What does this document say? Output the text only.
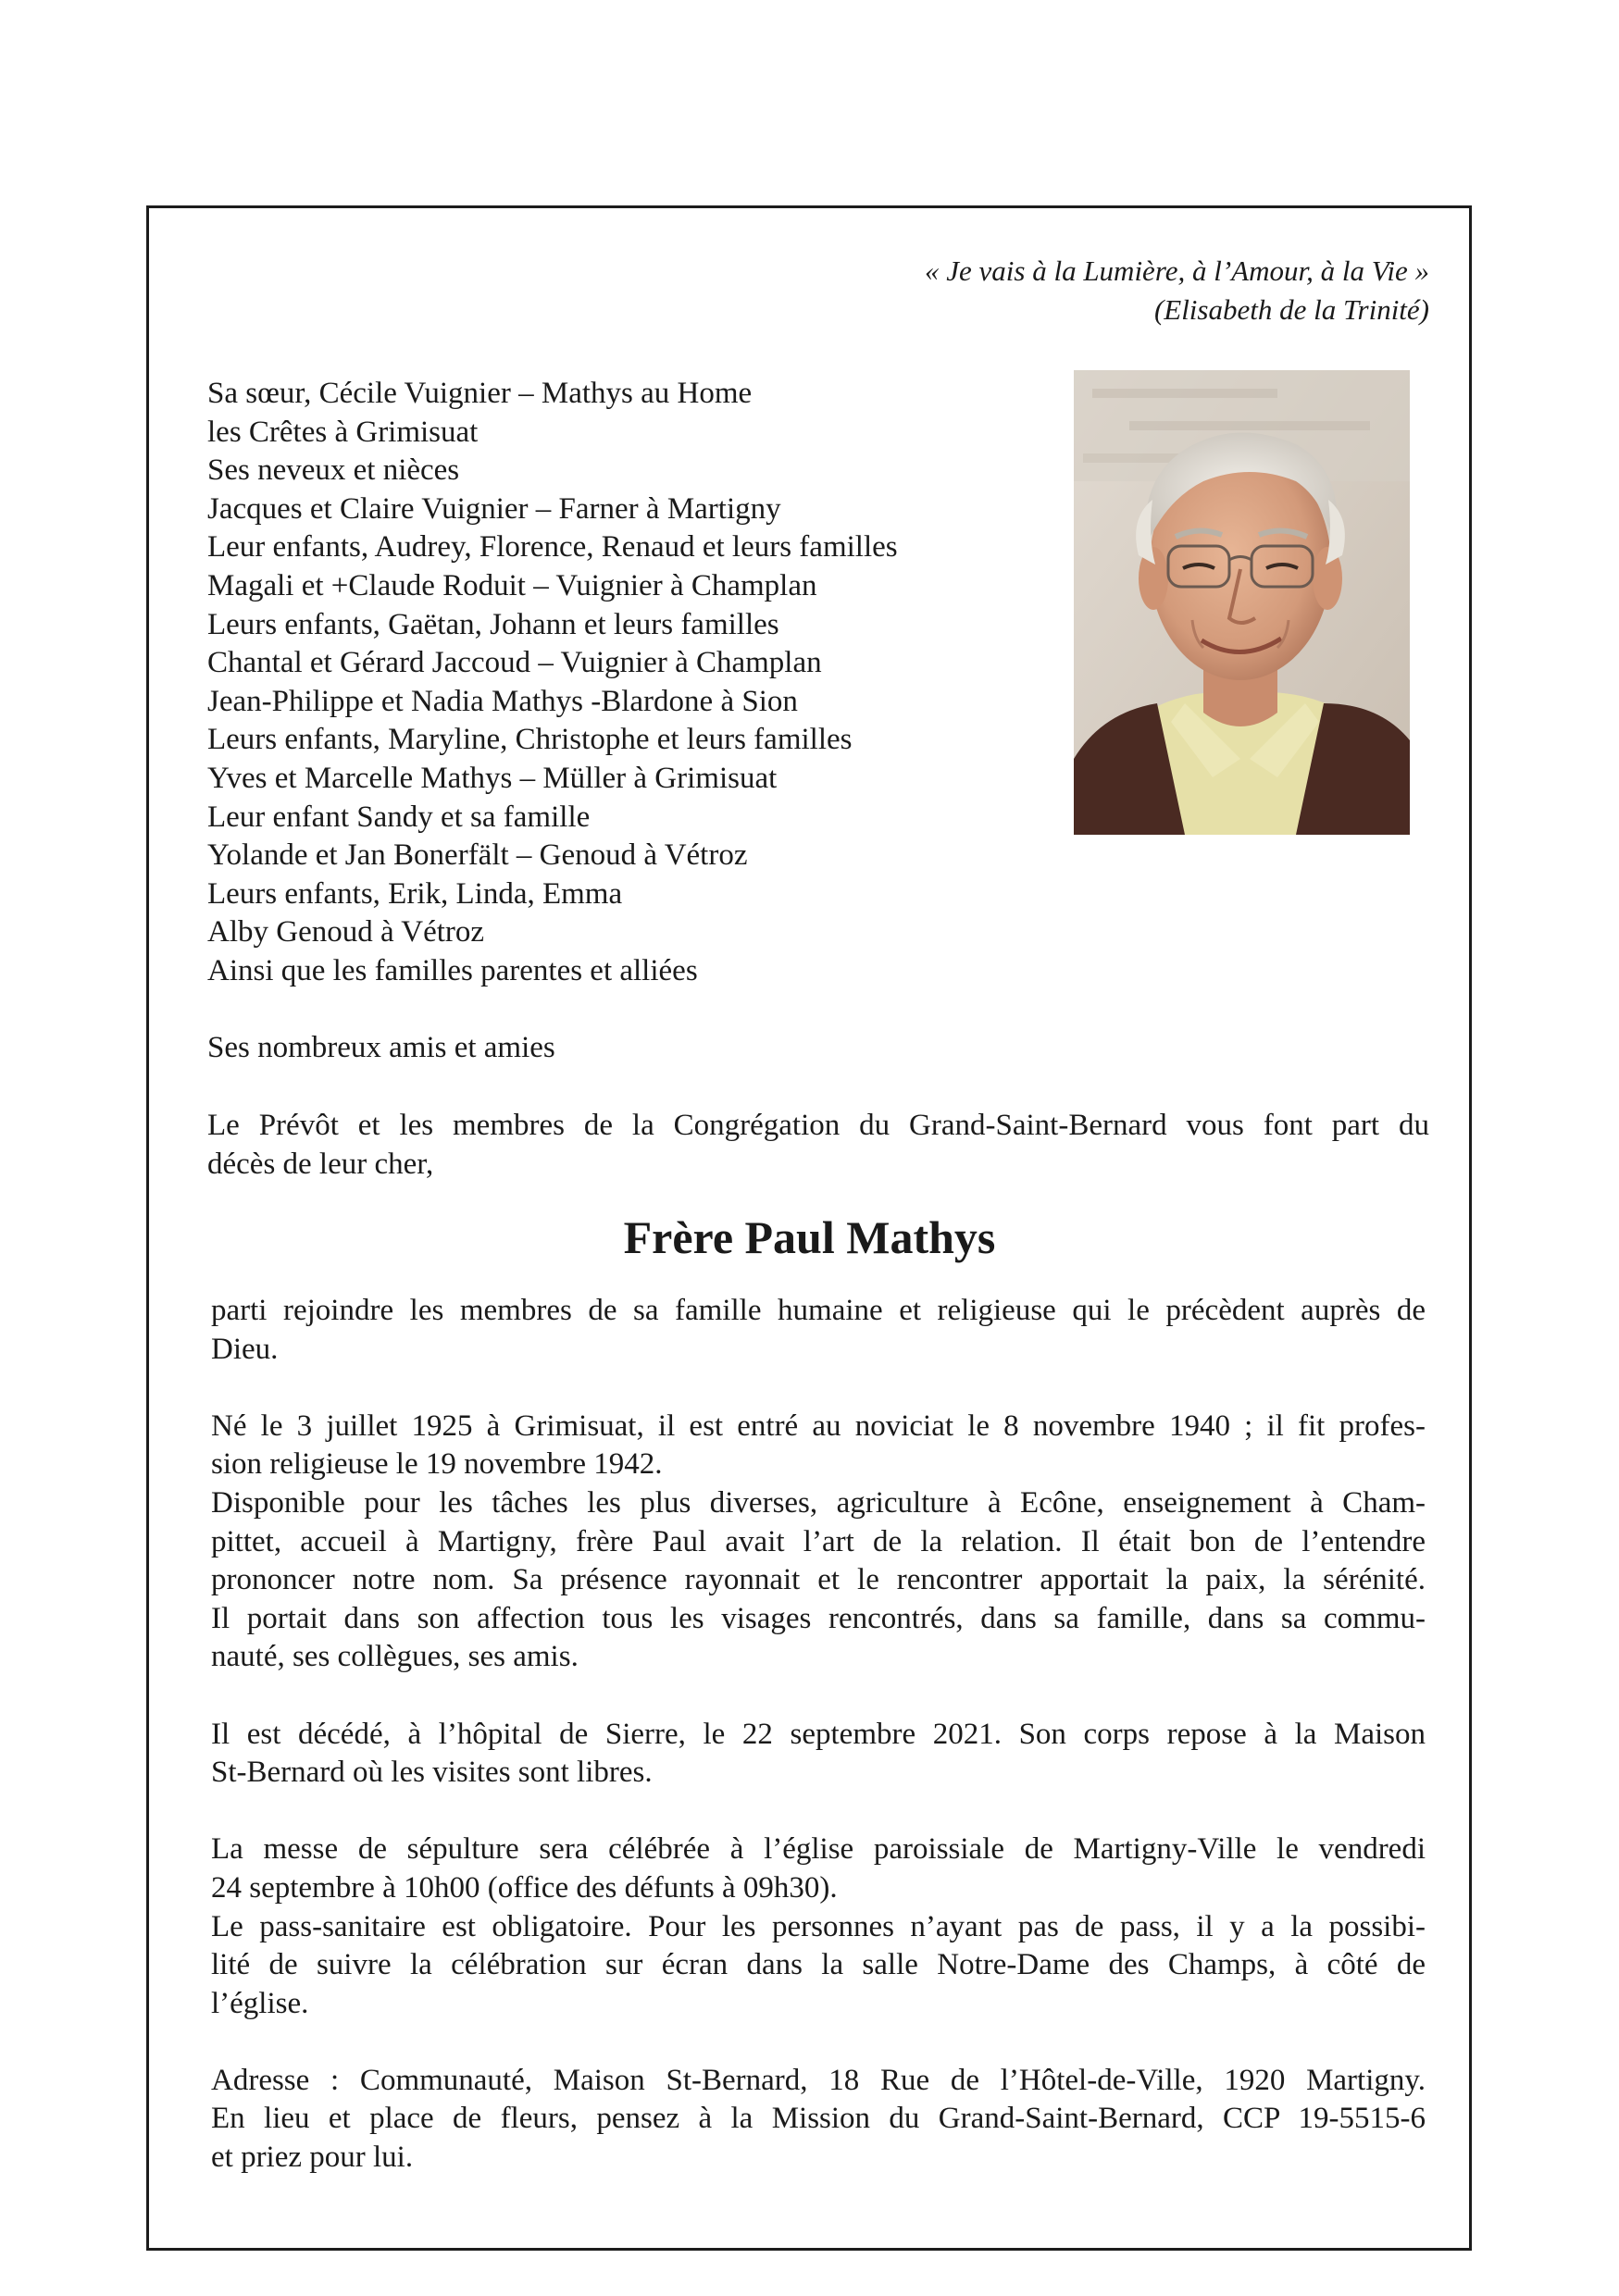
« Je vais à la Lumière, à l’Amour, à la Vie »
(Elisabeth de la Trinité)
Sa sœur, Cécile Vuignier – Mathys au Home
les Crêtes à Grimisuat
Ses neveux et nièces
Jacques et Claire Vuignier – Farner à Martigny
Leur enfants, Audrey, Florence, Renaud et leurs familles
Magali et +Claude Roduit – Vuignier à Champlan
Leurs enfants, Gaëtan, Johann et leurs familles
Chantal et Gérard Jaccoud – Vuignier à Champlan
Jean-Philippe et Nadia Mathys -Blardone à Sion
Leurs enfants, Maryline, Christophe et leurs familles
Yves et Marcelle Mathys – Müller à Grimisuat
Leur enfant Sandy et sa famille
Yolande et Jan Bonerfält – Genoud à Vétroz
Leurs enfants, Erik, Linda, Emma
Alby Genoud à Vétroz
Ainsi que les familles parentes et alliées
Ses nombreux amis et amies
Le Prévôt et les membres de la Congrégation du Grand-Saint-Bernard vous font part du
décès de leur cher,
Frère Paul Mathys

parti rejoindre les membres de sa famille humaine et religieuse qui le précèdent auprès de
Dieu.

Né le 3 juillet 1925 à Grimisuat, il est entré au noviciat le 8 novembre 1940 ; il fit profes-
sion religieuse le 19 novembre 1942.
Disponible pour les tâches les plus diverses, agriculture à Ecône, enseignement à Cham-
pittet, accueil à Martigny, frère Paul avait l’art de la relation. Il était bon de l’entendre
prononcer notre nom. Sa présence rayonnait et le rencontrer apportait la paix, la sérénité.
Il portait dans son affection tous les visages rencontrés, dans sa famille, dans sa commu-
nauté, ses collègues, ses amis.

Il est décédé, à l’hôpital de Sierre, le 22 septembre 2021. Son corps repose à la Maison
St-Bernard où les visites sont libres.

La messe de sépulture sera célébrée à l’église paroissiale de Martigny-Ville le vendredi
24 septembre à 10h00 (office des défunts à 09h30).
Le pass-sanitaire est obligatoire. Pour les personnes n’ayant pas de pass, il y a la possibi-
lité de suivre la célébration sur écran dans la salle Notre-Dame des Champs, à côté de
l’église.

Adresse : Communauté, Maison St-Bernard, 18 Rue de l’Hôtel-de-Ville, 1920 Martigny.
En lieu et place de fleurs, pensez à la Mission du Grand-Saint-Bernard, CCP 19-5515-6
et priez pour lui.
